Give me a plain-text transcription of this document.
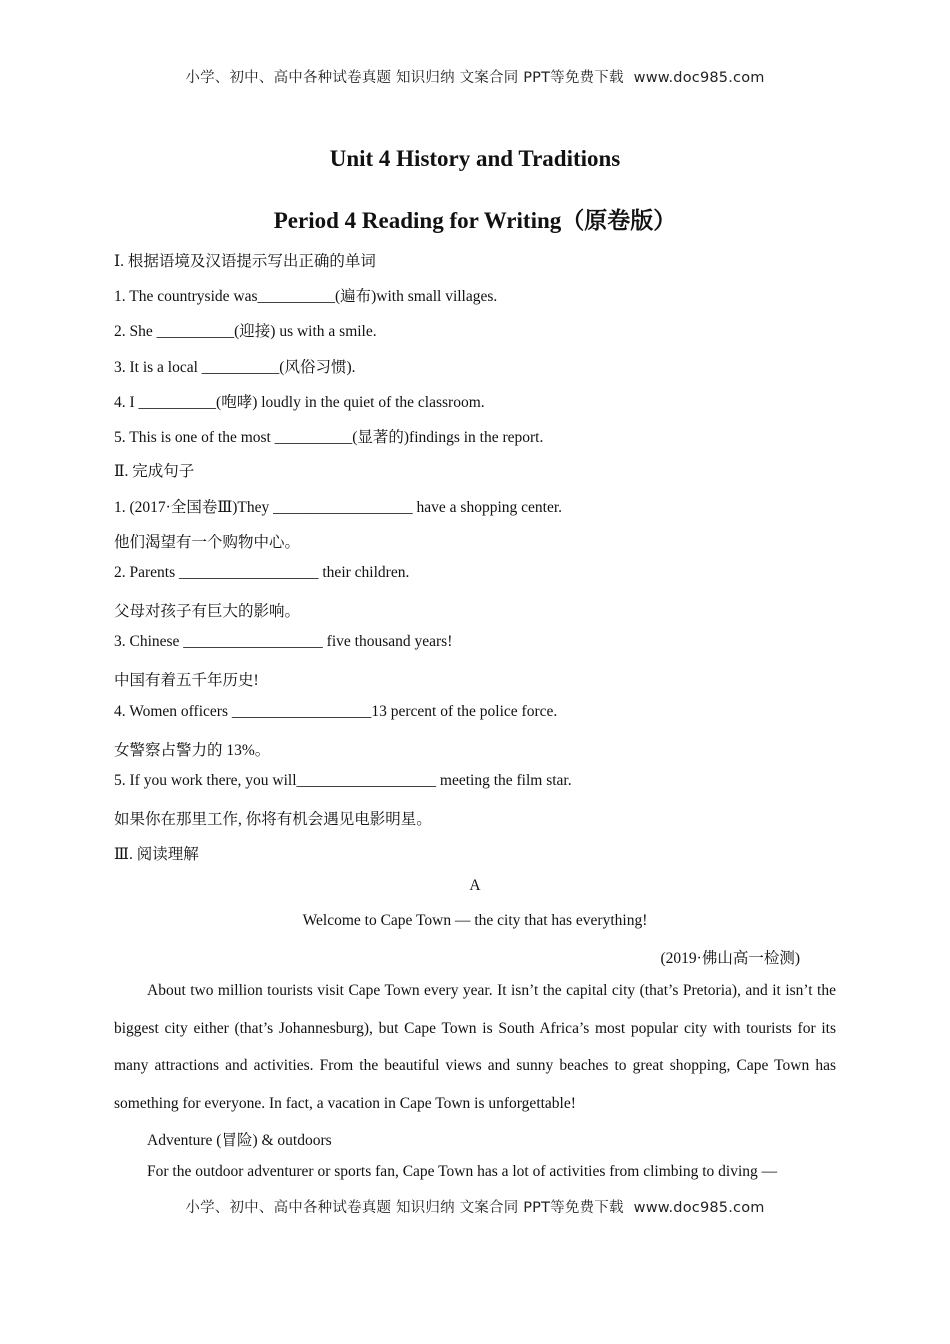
小学、初中、高中各种试卷真题 知识归纳 文案合同 PPT等免费下载 www.doc985.com
Unit 4 History and Traditions
Period 4 Reading for Writing（原卷版）
Ⅰ. 根据语境及汉语提示写出正确的单词
1. The countryside was__________(遍布)with small villages.
2. She __________(迎接) us with a smile.
3. It is a local __________(风俗习惯).
4. I __________(咆哮) loudly in the quiet of the classroom.
5. This is one of the most __________(显著的)findings in the report.
Ⅱ. 完成句子
1. (2017·全国卷Ⅲ)They __________________ have a shopping center.
他们渴望有一个购物中心。
2. Parents __________________ their children.
父母对孩子有巨大的影响。
3. Chinese __________________ five thousand years!
中国有着五千年历史!
4. Women officers __________________13 percent of the police force.
女警察占警力的 13%。
5. If you work there, you will__________________ meeting the film star.
如果你在那里工作, 你将有机会遇见电影明星。
Ⅲ. 阅读理解
A
Welcome to Cape Town — the city that has everything!
(2019·佛山高一检测)
About two million tourists visit Cape Town every year. It isn’t the capital city (that’s Pretoria), and it isn’t the biggest city either (that’s Johannesburg), but Cape Town is South Africa’s most popular city with tourists for its many attractions and activities. From the beautiful views and sunny beaches to great shopping, Cape Town has something for everyone. In fact, a vacation in Cape Town is unforgettable!
Adventure (冒险) & outdoors
For the outdoor adventurer or sports fan, Cape Town has a lot of activities from climbing to diving —
小学、初中、高中各种试卷真题 知识归纳 文案合同 PPT等免费下载 www.doc985.com
